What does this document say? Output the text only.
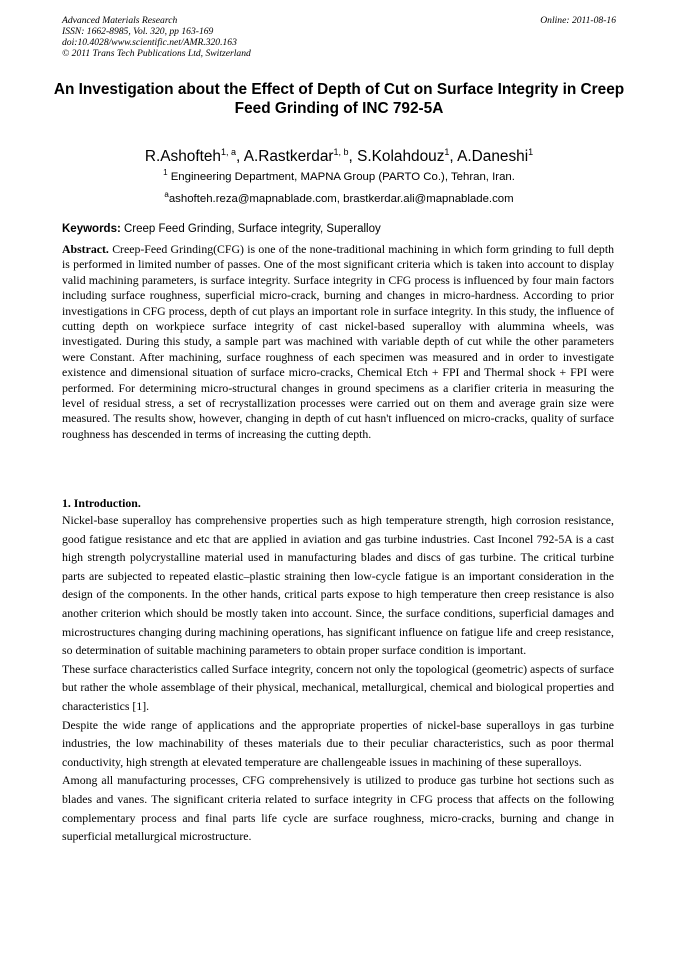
Advanced Materials Research
ISSN: 1662-8985, Vol. 320, pp 163-169
doi:10.4028/www.scientific.net/AMR.320.163
© 2011 Trans Tech Publications Ltd, Switzerland
Online: 2011-08-16
An Investigation about the Effect of Depth of Cut on Surface Integrity in Creep Feed Grinding of INC 792-5A
R.Ashofteh$^{1, a}$, A.Rastkerdar$^{1, b}$, S.Kolahdouz$^1$, A.Daneshi$^1$
$^1$ Engineering Department, MAPNA Group (PARTO Co.), Tehran, Iran.
$^a$ashofteh.reza@mapnablade.com, brastkerdar.ali@mapnablade.com
Keywords: Creep Feed Grinding, Surface integrity, Superalloy
Abstract. Creep-Feed Grinding(CFG) is one of the none-traditional machining in which form grinding to full depth is performed in limited number of passes. One of the most significant criteria which is taken into account to display valid machining parameters, is surface integrity. Surface integrity in CFG process is influenced by four main factors including surface roughness, superficial micro-crack, burning and changes in micro-hardness. According to prior investigations in CFG process, depth of cut plays an important role in surface integrity. In this study, the influence of cutting depth on workpiece surface integrity of cast nickel-based superalloy with alummina wheels, was investigated. During this study, a sample part was machined with variable depth of cut while the other parameters were Constant. After machining, surface roughness of each specimen was measured and in order to investigate existence and dimensional situation of surface micro-cracks, Chemical Etch + FPI and Thermal shock + FPI were performed. For determining micro-structural changes in ground specimens as a clarifier criteria in measuring the level of residual stress, a set of recrystallization processes were carried out on them and average grain size were measured. The results show, however, changing in depth of cut hasn't influenced on micro-cracks, quality of surface roughness has descended in terms of increasing the cutting depth.
1. Introduction.

Nickel-base superalloy has comprehensive properties such as high temperature strength, high corrosion resistance, good fatigue resistance and etc that are applied in aviation and gas turbine industries. Cast Inconel 792-5A is a cast high strength polycrystalline material used in manufacturing blades and discs of gas turbine. The critical turbine parts are subjected to repeated elastic–plastic straining then low-cycle fatigue is an important consideration in the design of the components. In the other hands, critical parts expose to high temperature then creep resistance is also another criterion which should be mostly taken into account. Since, the surface conditions, superficial damages and microstructures changing during machining operations, has significant influence on fatigue life and creep resistance, so determination of suitable machining parameters to obtain proper surface condition is important.

These surface characteristics called Surface integrity, concern not only the topological (geometric) aspects of surface but rather the whole assemblage of their physical, mechanical, metallurgical, chemical and biological properties and characteristics [1].

Despite the wide range of applications and the appropriate properties of nickel-base superalloys in gas turbine industries, the low machinability of theses materials due to their peculiar characteristics, such as poor thermal conductivity, high strength at elevated temperature are challengeable issues in machining of these superalloys.

Among all manufacturing processes, CFG comprehensively is utilized to produce gas turbine hot sections such as blades and vanes. The significant criteria related to surface integrity in CFG process that affects on the following complementary process and final parts life cycle are surface roughness, micro-cracks, burning and change in superficial metallurgical microstructure.
